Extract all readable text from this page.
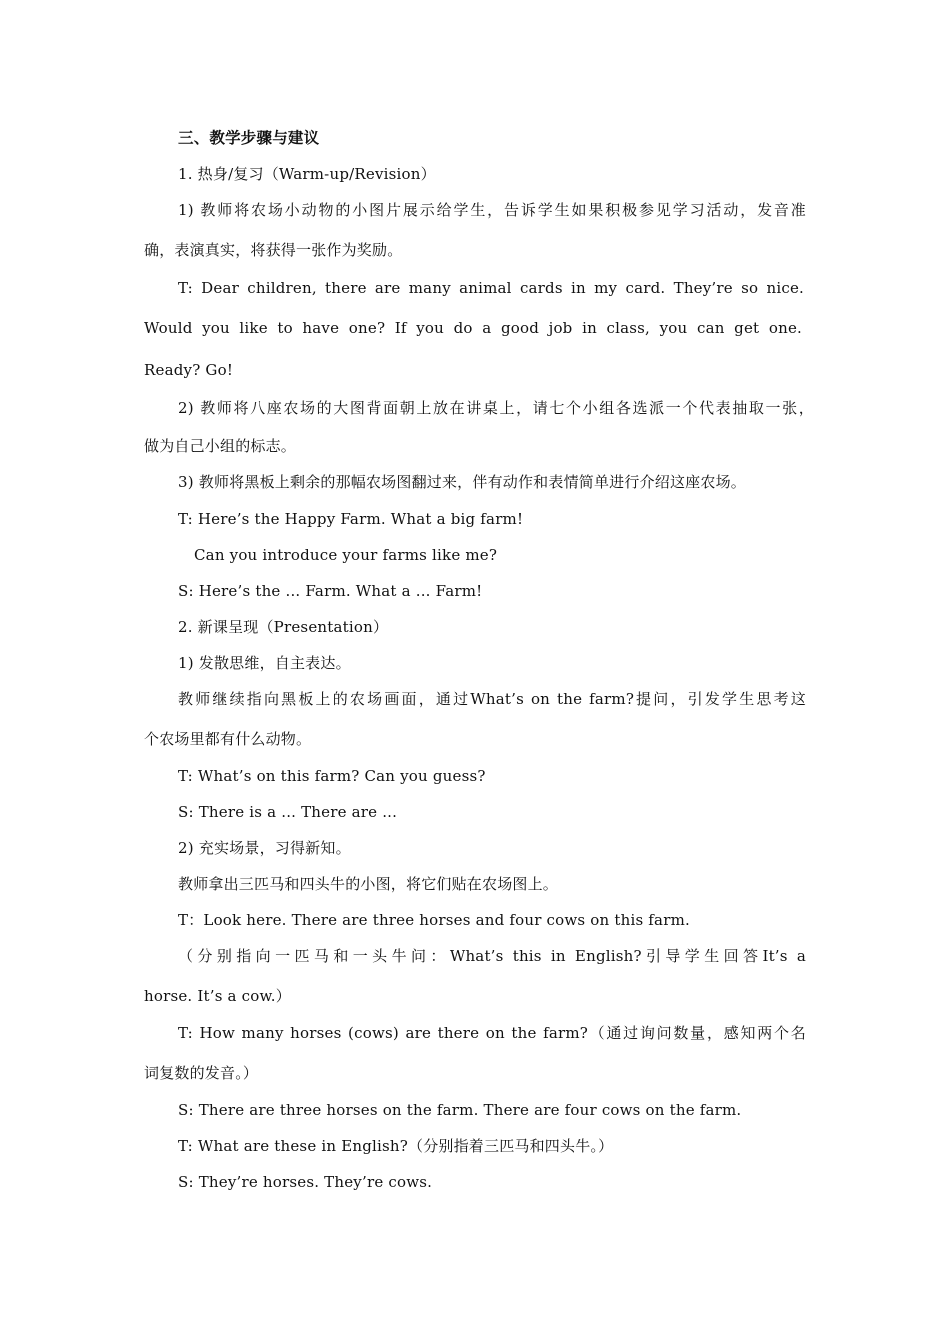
三、教学步骤与建议
1. 热身/复习（Warm-up/Revision）
1) 教师将农场小动物的小图片展示给学生，告诉学生如果积极参见学习活动，发音准
确，表演真实，将获得一张作为奖励。
T: Dear children, there are many animal cards in my card. They’re so nice.
Would you like to have one? If you do a good job in class, you can get one.
Ready? Go!
2) 教师将八座农场的大图背面朝上放在讲桌上，请七个小组各选派一个代表抽取一张，
做为自己小组的标志。
3) 教师将黑板上剩余的那幅农场图翻过来，伴有动作和表情简单进行介绍这座农场。
T: Here’s the Happy Farm. What a big farm!
Can you introduce your farms like me?
S: Here’s the ... Farm. What a ... Farm!
2. 新课呈现（Presentation）
1) 发散思维，自主表达。
教师继续指向黑板上的农场画面，通过What’s on the farm?提问，引发学生思考这
个农场里都有什么动物。
T: What’s on this farm? Can you guess?
S: There is a ... There are ...
2) 充实场景，习得新知。
教师拿出三匹马和四头牛的小图，将它们贴在农场图上。
T：Look here. There are three horses and four cows on this farm.
（分别指向一匹马和一头牛问：What’s this in English?引导学生回答It’s a
horse. It’s a cow.）
T: How many horses (cows) are there on the farm?（通过询问数量，感知两个名
词复数的发音。）
S: There are three horses on the farm. There are four cows on the farm.
T: What are these in English?（分别指着三匹马和四头牛。）
S: They’re horses. They’re cows.
